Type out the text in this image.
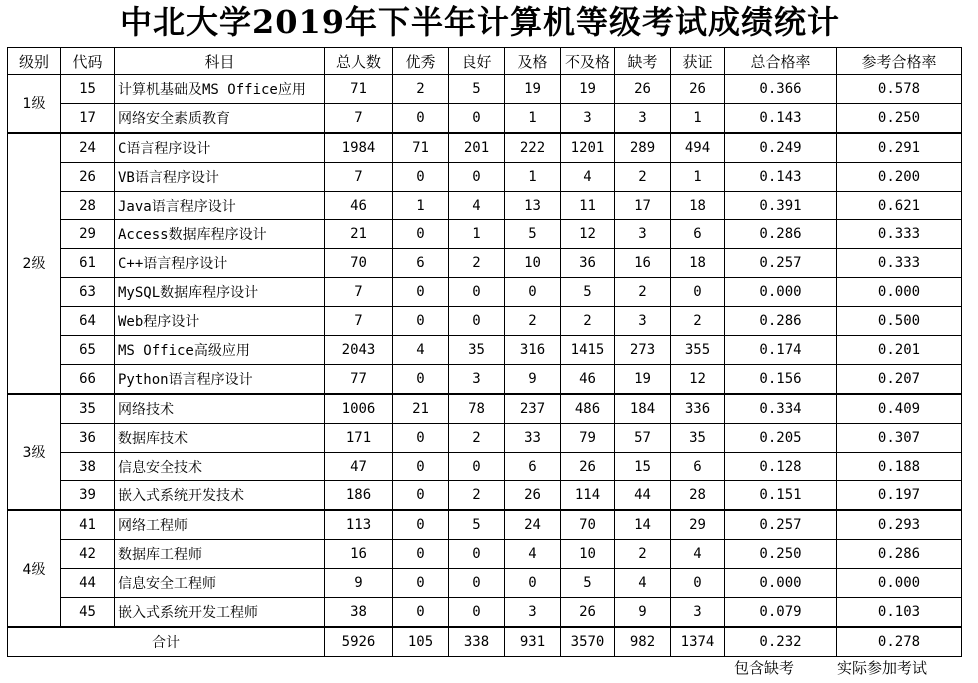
中北大学2019年下半年计算机等级考试成绩统计
级别	代码	科目	总人数	优秀	良好	及格	不及格	缺考	获证	总合格率	参考合格率
1级	15	计算机基础及MS Office应用	71	2	5	19	19	26	26	0.366	0.578
	17	网络安全素质教育	7	0	0	1	3	3	1	0.143	0.250
2级	24	C语言程序设计	1984	71	201	222	1201	289	494	0.249	0.291
	26	VB语言程序设计	7	0	0	1	4	2	1	0.143	0.200
	28	Java语言程序设计	46	1	4	13	11	17	18	0.391	0.621
	29	Access数据库程序设计	21	0	1	5	12	3	6	0.286	0.333
	61	C++语言程序设计	70	6	2	10	36	16	18	0.257	0.333
	63	MySQL数据库程序设计	7	0	0	0	5	2	0	0.000	0.000
	64	Web程序设计	7	0	0	2	2	3	2	0.286	0.500
	65	MS Office高级应用	2043	4	35	316	1415	273	355	0.174	0.201
	66	Python语言程序设计	77	0	3	9	46	19	12	0.156	0.207
3级	35	网络技术	1006	21	78	237	486	184	336	0.334	0.409
	36	数据库技术	171	0	2	33	79	57	35	0.205	0.307
	38	信息安全技术	47	0	0	6	26	15	6	0.128	0.188
	39	嵌入式系统开发技术	186	0	2	26	114	44	28	0.151	0.197
4级	41	网络工程师	113	0	5	24	70	14	29	0.257	0.293
	42	数据库工程师	16	0	0	4	10	2	4	0.250	0.286
	44	信息安全工程师	9	0	0	0	5	4	0	0.000	0.000
	45	嵌入式系统开发工程师	38	0	0	3	26	9	3	0.079	0.103
合计			5926	105	338	931	3570	982	1374	0.232	0.278
包含缺考	实际参加考试
